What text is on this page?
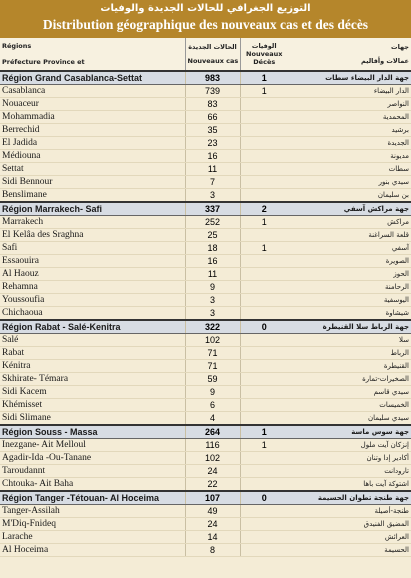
التوزيع الجغرافي للحالات الجديدة والوفيات
Distribution géographique des nouveaux cas et des décès
Régions
Préfecture Province et	الحالات الجديدة
Nouveaux cas	الوفيات
Nouveaux
Décès	جهات
عمالات وأقاليم

Région Grand Casablanca-Settat	983	1	جهة الدار البيضاء سطات
Casablanca	739	1	الدار البيضاء
Nouaceur	83		النواصر
Mohammadia	66		المحمدية
Berrechid	35		برشيد
El Jadida	23		الجديدة
Médiouna	16		مديونة
Settat	11		سطات
Sidi Bennour	7		سيدي بنور
Benslimane	3		بن سليمان
Région Marrakech- Safi	337	2	جهة مراكش آسفي
Marrakech	252	1	مراكش
El Kelâa des Sraghna	25		قلعة السراغنة
Safi	18	1	آسفي
Essaouira	16		الصويرة
Al Haouz	11		الحوز
Rehamna	9		الرحامنة
Youssoufia	3		اليوسفية
Chichaoua	3		شيشاوة
Région Rabat - Salé-Kenitra	322	0	جهة الرباط سلا القنيطرة
Salé	102		سلا
Rabat	71		الرباط
Kénitra	71		القنيطرة
Skhirate- Témara	59		الصخيرات-تمارة
Sidi Kacem	9		سيدي قاسم
Khémisset	6		الخميسات
Sidi Slimane	4		سيدي سليمان
Région Souss - Massa	264	1	جهة سوس ماسة
Inezgane- Ait Melloul	116	1	إنزكان آيت ملول
Agadir-Ida -Ou-Tanane	102		أكادير إدا وتنان
Taroudannt	24		تارودانت
Chtouka- Ait Baha	22		اشتوكة آيت باها
Région Tanger -Tétouan- Al Hoceima	107	0	جهة طنجة تطوان الحسيمة
Tanger-Assilah	49		طنجة-أصيلة
M'Diq-Fnideq	24		المضيق الفنيدق
Larache	14		العرائش
Al Hoceima	8		الحسيمة
